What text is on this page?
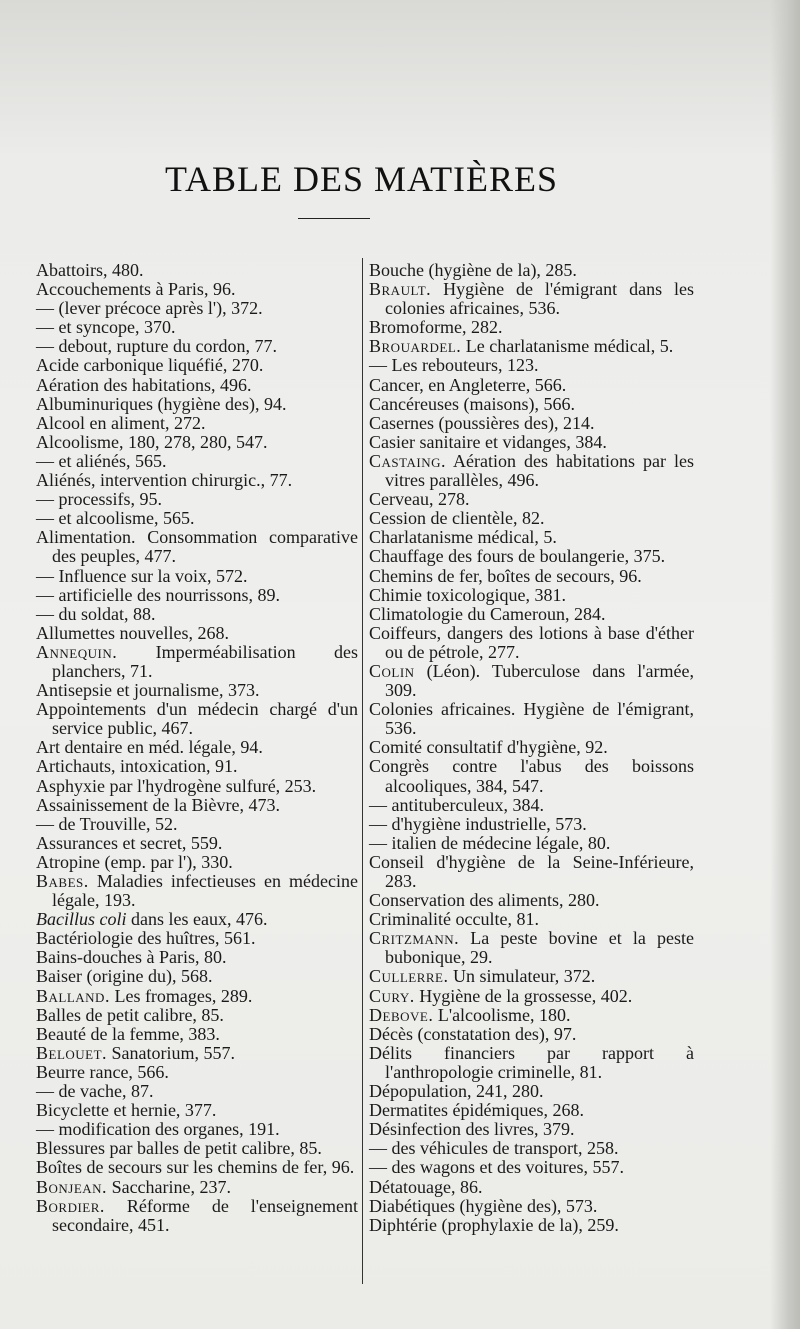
TABLE DES MATIÈRES

Abattoirs, 480.

Accouchements à Paris, 96.

— (lever précoce après l'), 372.

— et syncope, 370.

— debout, rupture du cordon, 77.

Acide carbonique liquéfié, 270.

Aération des habitations, 496.

Albuminuriques (hygiène des), 94.

Alcool en aliment, 272.

Alcoolisme, 180, 278, 280, 547.

— et aliénés, 565.

Aliénés, intervention chirurgic., 77.

— processifs, 95.

— et alcoolisme, 565.

Alimentation. Consommation comparative des peuples, 477.

— Influence sur la voix, 572.

— artificielle des nourrissons, 89.

— du soldat, 88.

Allumettes nouvelles, 268.

Annequin. Imperméabilisation des planchers, 71.

Antisepsie et journalisme, 373.

Appointements d'un médecin chargé d'un service public, 467.

Art dentaire en méd. légale, 94.

Artichauts, intoxication, 91.

Asphyxie par l'hydrogène sulfuré, 253.

Assainissement de la Bièvre, 473.

— de Trouville, 52.

Assurances et secret, 559.

Atropine (emp. par l'), 330.

Babes. Maladies infectieuses en médecine légale, 193.

Bacillus coli dans les eaux, 476.

Bactériologie des huîtres, 561.

Bains-douches à Paris, 80.

Baiser (origine du), 568.

Balland. Les fromages, 289.

Balles de petit calibre, 85.

Beauté de la femme, 383.

Belouet. Sanatorium, 557.

Beurre rance, 566.

— de vache, 87.

Bicyclette et hernie, 377.

— modification des organes, 191.

Blessures par balles de petit calibre, 85.

Boîtes de secours sur les chemins de fer, 96.

Bonjean. Saccharine, 237.

Bordier. Réforme de l'enseignement secondaire, 451.

Bouche (hygiène de la), 285.

Brault. Hygiène de l'émigrant dans les colonies africaines, 536.

Bromoforme, 282.

Brouardel. Le charlatanisme médical, 5.

— Les rebouteurs, 123.

Cancer, en Angleterre, 566.

Cancéreuses (maisons), 566.

Casernes (poussières des), 214.

Casier sanitaire et vidanges, 384.

Castaing. Aération des habitations par les vitres parallèles, 496.

Cerveau, 278.

Cession de clientèle, 82.

Charlatanisme médical, 5.

Chauffage des fours de boulangerie, 375.

Chemins de fer, boîtes de secours, 96.

Chimie toxicologique, 381.

Climatologie du Cameroun, 284.

Coiffeurs, dangers des lotions à base d'éther ou de pétrole, 277.

Colin (Léon). Tuberculose dans l'armée, 309.

Colonies africaines. Hygiène de l'émigrant, 536.

Comité consultatif d'hygiène, 92.

Congrès contre l'abus des boissons alcooliques, 384, 547.

— antituberculeux, 384.

— d'hygiène industrielle, 573.

— italien de médecine légale, 80.

Conseil d'hygiène de la Seine-Inférieure, 283.

Conservation des aliments, 280.

Criminalité occulte, 81.

Critzmann. La peste bovine et la peste bubonique, 29.

Cullerre. Un simulateur, 372.

Cury. Hygiène de la grossesse, 402.

Debove. L'alcoolisme, 180.

Décès (constatation des), 97.

Délits financiers par rapport à l'anthropologie criminelle, 81.

Dépopulation, 241, 280.

Dermatites épidémiques, 268.

Désinfection des livres, 379.

— des véhicules de transport, 258.

— des wagons et des voitures, 557.

Détatouage, 86.

Diabétiques (hygiène des), 573.

Diphtérie (prophylaxie de la), 259.
